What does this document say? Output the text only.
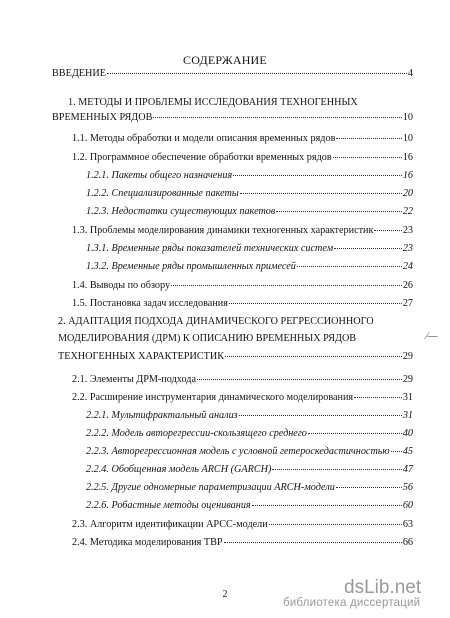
СОДЕРЖАНИЕ
ВВЕДЕНИЕ	4
1. МЕТОДЫ И ПРОБЛЕМЫ ИССЛЕДОВАНИЯ ТЕХНОГЕННЫХ
ВРЕМЕННЫХ РЯДОВ	10
1.1. Методы обработки и модели описания временных рядов	10
1.2. Программное обеспечение обработки временных рядов	16
1.2.1. Пакеты общего назначения	16
1.2.2. Специализированные пакеты	20
1.2.3. Недостатки существующих пакетов	22
1.3. Проблемы моделирования динамики техногенных характеристик	23
1.3.1. Временные ряды показателей технических систем	23
1.3.2. Временные ряды промышленных примесей	24
1.4. Выводы по обзору	26
1.5. Постановка задач исследования	27
2. АДАПТАЦИЯ ПОДХОДА ДИНАМИЧЕСКОГО РЕГРЕССИОННОГО
МОДЕЛИРОВАНИЯ (ДРМ) К ОПИСАНИЮ ВРЕМЕННЫХ РЯДОВ
ТЕХНОГЕННЫХ ХАРАКТЕРИСТИК	29
2.1. Элементы ДРМ-подхода	29
2.2. Расширение инструментария динамического моделирования	31
2.2.1. Мультифрактальный анализ	31
2.2.2. Модель авторегрессии-скользящего среднего	40
2.2.3. Авторегрессионная модель с условной гетероскедастичностью 45
2.2.4. Обобщенная модель ARCH (GARCH)	47
2.2.5. Другие одномерные параметризации ARCH-модели	56
2.2.6. Робастные методы оценивания	60
2.3. Алгоритм идентификации АРСС-модели	63
2.4. Методика моделирования ТВР	66
∕—
2	dsLib.net
библиотека диссертаций
